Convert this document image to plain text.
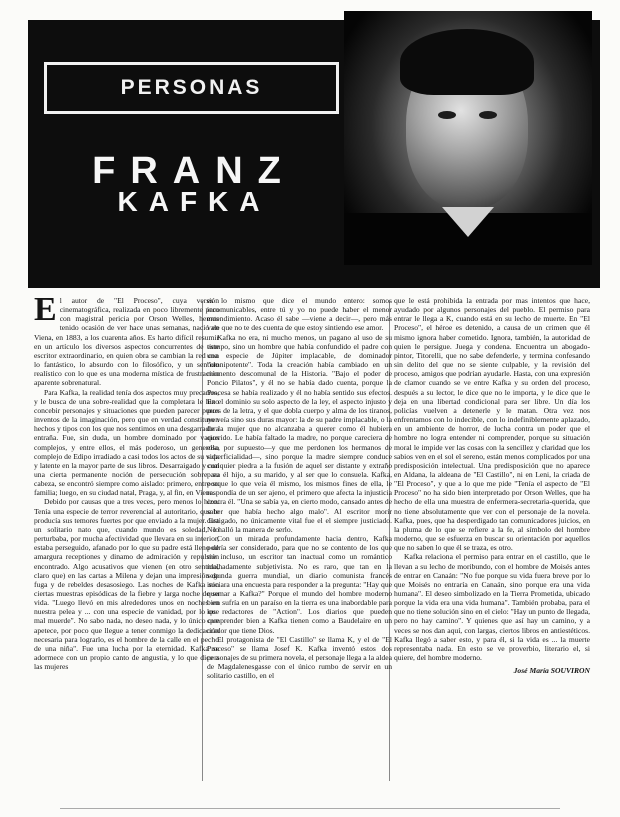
PERSONAS
FRANZ
KAFKA

El autor de "El Proceso", cuya versión cinematográfica, realizada en poco libremente pero con magistral pericia por Orson Welles, hemos tenido ocasión de ver hace unas semanas, nació en Viena, en 1883, a los cuarenta años. Es harto difícil resumir en un artículo los diversos aspectos concurrentes de este escritor extraordinario, en quien obra se cambian la red con lo fantástico, lo absurdo con lo filosófico, y un sentido realístico con lo que es una moderna mística de frustración aparente sobrenatural.

Para Kafka, la realidad tenía dos aspectos muy precarios, y le busca de una sobre-realidad que la completara le hizo concebir personajes y situaciones que pueden parecer puros inventos de la imaginación, pero que en verdad constituyen hechos y tipos con los que nos sentimos en una desgarradora entraña. Fue, sin duda, un hombre dominado por varios complejos, y entre ellos, el más poderoso, un generoso complejo de Edipo irradiado a casi todos los actos de su vida y latente en la mayor parte de sus libros. Desarraigado y con una cierta permanente noción de persecución sobre su cabeza, se encontró siempre como aislado: primero, entre su familia; luego, en su ciudad natal, Praga, y, al fin, en Viena.

Debido por causas que a tres veces, pero menos lo hizo. Tenía una especie de terror reverencial al autoritario, que le producía sus temores fuertes por que enviado a la mujer. Era un solitario nato que, cuando mundo es soledad, lo perturbaba, por mucha afectividad que llevara en su interior, estaba perseguido, afanado por lo que su padre está lleno de amargura receptiones y dinamo de admiración y repulsión encontrado. Algo acusativos que vienen (en otro sentido, claro que) en las cartas a Milena y dejan una impresión de fuga y de rebeldes desasosiego. Las noches de Kafka son ciertas muestras episódicas de la fiebre y larga noche de su vida. "Luego llevó en mis alrededores unos en noches en nuestra pelea y ... con una especie de vanidad, por lo que mal muerde". No sabo nada, no deseo nada, y lo único que apetece, por poco que llegue a tener conmigo la dedicación necesaria para lograrlo, es el hombre de la calle en el pecho de una niña". Fue una lucha por la eternidad. Kafka se adormece con un propio canto de angustia, y lo que dice a las mujeres

es lo mismo que dice el mundo entero: somos incomunicables, entre tú y yo no puede haber el menor entendimiento. Acaso él sabe —viene a decir—, pero más vale que no te des cuenta de que estoy sintiendo ese amor.

Kafka no era, ni mucho menos, un pagano al uso de su tiempo, sino un hombre que había confundido el padre con una especie de Júpiter implacable, de dominador "omnipotente". Toda la creación había cambiado en un momento descomunal de la Historia. "Bajo el poder de Poncio Pilatos", y él no se había dado cuenta, porque la Procesa se había realizado y él no había sentido sus efectos. En el dominio su solo aspecto de la ley, el aspecto injusto y pues de la letra, y el que dobla cuerpo y alma de los tiranos, no veía sino sus duras mayor: la de su padre implacable, o la de la mujer que no alcanzaba a querer como él hubiera querido. Le había faltado la madre, no porque careciera de ella, por supuesto—y que me perdonen los hermanos de superficialidad—, sino porque la madre siempre conduce cualquier piedra a la fusión de aquel ser distante y extraño para él hijo, a su marido, y al ser que lo consuela. Kafka, porque lo que veía él mismo, los mismos fines de ella, le respondía de un ser ajeno, el primero que afecta la injusticia contra él. "Una se sabía ya, en cierto modo, cansado antes de saber que había hecho algo malo". Al escritor morir castigado, no únicamente vital fue el el siempre justiciado. No halló la manera de serlo.

Con un mirada profundamente hacia dentro, Kafka podría ser considerado, para que no se contento de los que me incluso, un escritor tan inactual como un romántico malhadamente subjetivista. No es raro, que tan en la segunda guerra mundial, un diario comunista francés iniciara una encuesta para responder a la pregunta: "Hay que quemar a Kafka?" Porque el mundo del hombre moderno bien sufría en un paraíso en la tierra es una inabordable para los redactores de "Action". Los diarios que pueden comprender bien a Kafka tienen como a Baudelaire en un orador que tiene Dios.

El protagonista de "El Castillo" se llama K, y el de "El Proceso" se llama Josef K. Kafka inventó estos dos personajes de su primera novela, el personaje llega a la aldea de Magdalenesgasse con el único rumbo de servir en un solitario castillo, en el

que le está prohibida la entrada por mas intentos que hace, ayudado por algunos personajes del pueblo. El permiso para entrar le llega a K, cuando está en su lecho de muerte. En "El Proceso", el héroe es detenido, a causa de un crimen que él mismo ignora haber cometido. Ignora, también, la autoridad de quien le persigue. Juega y condena. Encuentra un abogado-pintor, Titorelli, que no sabe defenderle, y termina confesando sin delito del que no se siente culpable, y la revisión del proceso, amigos que podrían ayudarle. Hasta, con una expresión de clamor cuando se ve entre Kafka y su orden del proceso, después a su lector, le dice que no le importa, y le dice que le deja en una libertad condicional para ser libre. Un día los policías vuelven a detenerle y le matan. Otra vez nos enfrentamos con lo indecible, con lo indefiniblemente aplazado, en un ambiente de horror, de lucha contra un poder que el hombre no logra entender ni comprender, porque su situación moral le impide ver las cosas con la sencillez y claridad que los sabios ven en el sol el sereno, están menos complicados por una predisposición intelectual. Una predisposición que no aparece en Aldana, la aldeana de "El Castillo", ni en Leni, la criada de "El Proceso", y que a lo que me pide "Tenía el aspecto de "El Proceso" no ha sido bien interpretado por Orson Welles, que ha hecho de ella una muestra de enfermera-secretaria-querida, que no tiene absolutamente que ver con el personaje de la novela. Kafka, pues, que ha desperdigado tan comunicadores juicios, en la pluma de lo que se refiere a la fe, al símbolo del hombre moderno, que se esfuerza en buscar su orientación por aquellos que no saben lo que él se traza, es otro.

Kafka relaciona el permiso para entrar en el castillo, que le llevan a su lecho de moribundo, con el hombre de Moisés antes de entrar en Canaán: "No fue porque su vida fuera breve por lo que Moisés no entraría en Canaán, sino porque era una vida humana". El deseo simbolizado en la Tierra Prometida, ubicado porque la vida era una vida humana". También probaba, para el que no tiene solución sino en el cielo: "Hay un punto de llegada, pero no hay camino". Y quienes que así hay un camino, y a veces se nos dan aquí, con largas, ciertos libros en antiestéticos. Kafka llegó a saber esto, y para él, si la vida es ... la muerte representaba nada. En esto se ve proverbio, literario el, si quiere, del hombre moderno.

José María SOUVIRON
